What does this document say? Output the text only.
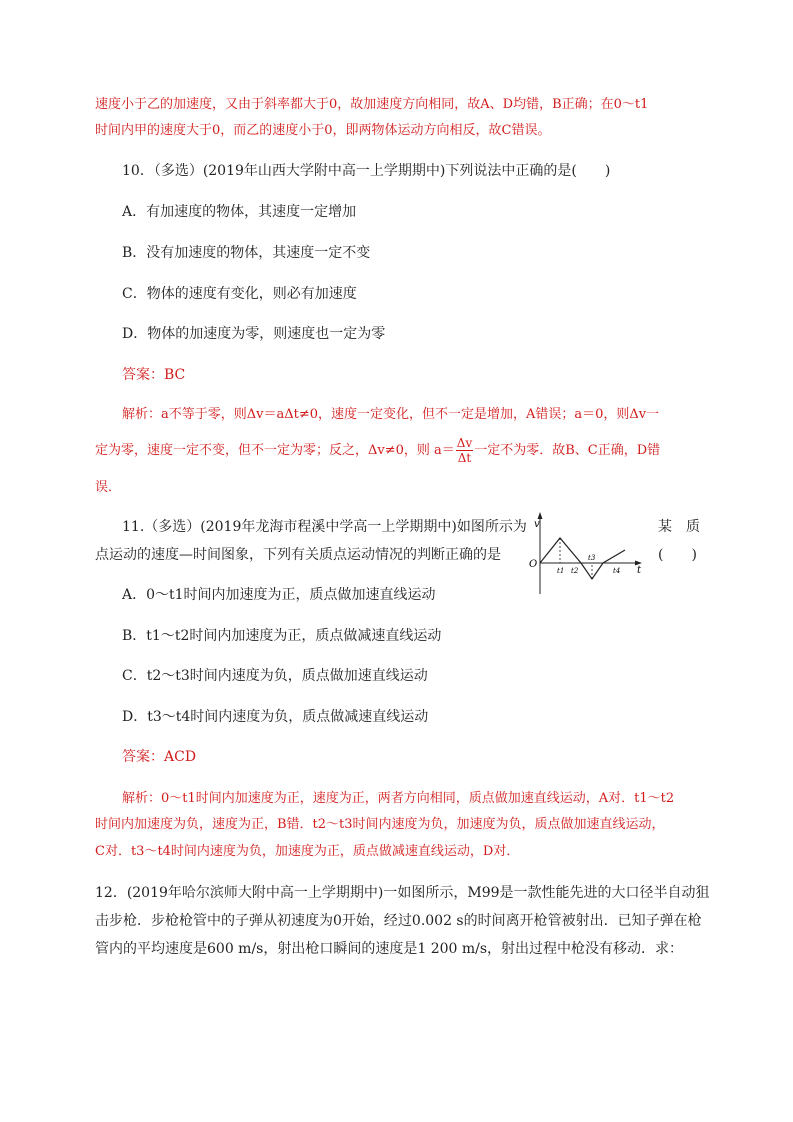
速度小于乙的加速度，又由于斜率都大于0，故加速度方向相同，故A、D均错，B正确；在0～t1
时间内甲的速度大于0，而乙的速度小于0，即两物体运动方向相反，故C错误。
10．（多选）(2019年山西大学附中高一上学期期中)下列说法中正确的是(　　)
A．有加速度的物体，其速度一定增加
B．没有加速度的物体，其速度一定不变
C．物体的速度有变化，则必有加速度
D．物体的加速度为零，则速度也一定为零
答案：BC
解析：a不等于零，则Δv＝aΔt≠0，速度一定变化，但不一定是增加，A错误；a＝0，则Δv一
定为零，速度一定不变，但不一定为零；反之，Δv≠0，则 $a= \frac{\Delta v}{\Delta t}$ 一定不为零．故B、C正确，D错
误．
11.（多选）(2019年龙海市程溪中学高一上学期期中)如图所示为	某　质
点运动的速度—时间图象，下列有关质点运动情况的判断正确的是	(　　)
v
O
t
t1 t2
t3
t4
A．0～t1时间内加速度为正，质点做加速直线运动
B．t1～t2时间内加速度为正，质点做减速直线运动
C．t2～t3时间内速度为负，质点做加速直线运动
D．t3～t4时间内速度为负，质点做减速直线运动
答案：ACD
解析：0～t1时间内加速度为正，速度为正，两者方向相同，质点做加速直线运动，A对．t1～t2
时间内加速度为负，速度为正，B错．t2～t3时间内速度为负，加速度为负，质点做加速直线运动，
C对．t3～t4时间内速度为负，加速度为正，质点做减速直线运动，D对．
12．(2019年哈尔滨师大附中高一上学期期中)一如图所示，M99是一款性能先进的大口径半自动狙
击步枪．步枪枪管中的子弹从初速度为0开始，经过0.002 s的时间离开枪管被射出．已知子弹在枪
管内的平均速度是600 m/s，射出枪口瞬间的速度是1 200 m/s，射出过程中枪没有移动．求：
